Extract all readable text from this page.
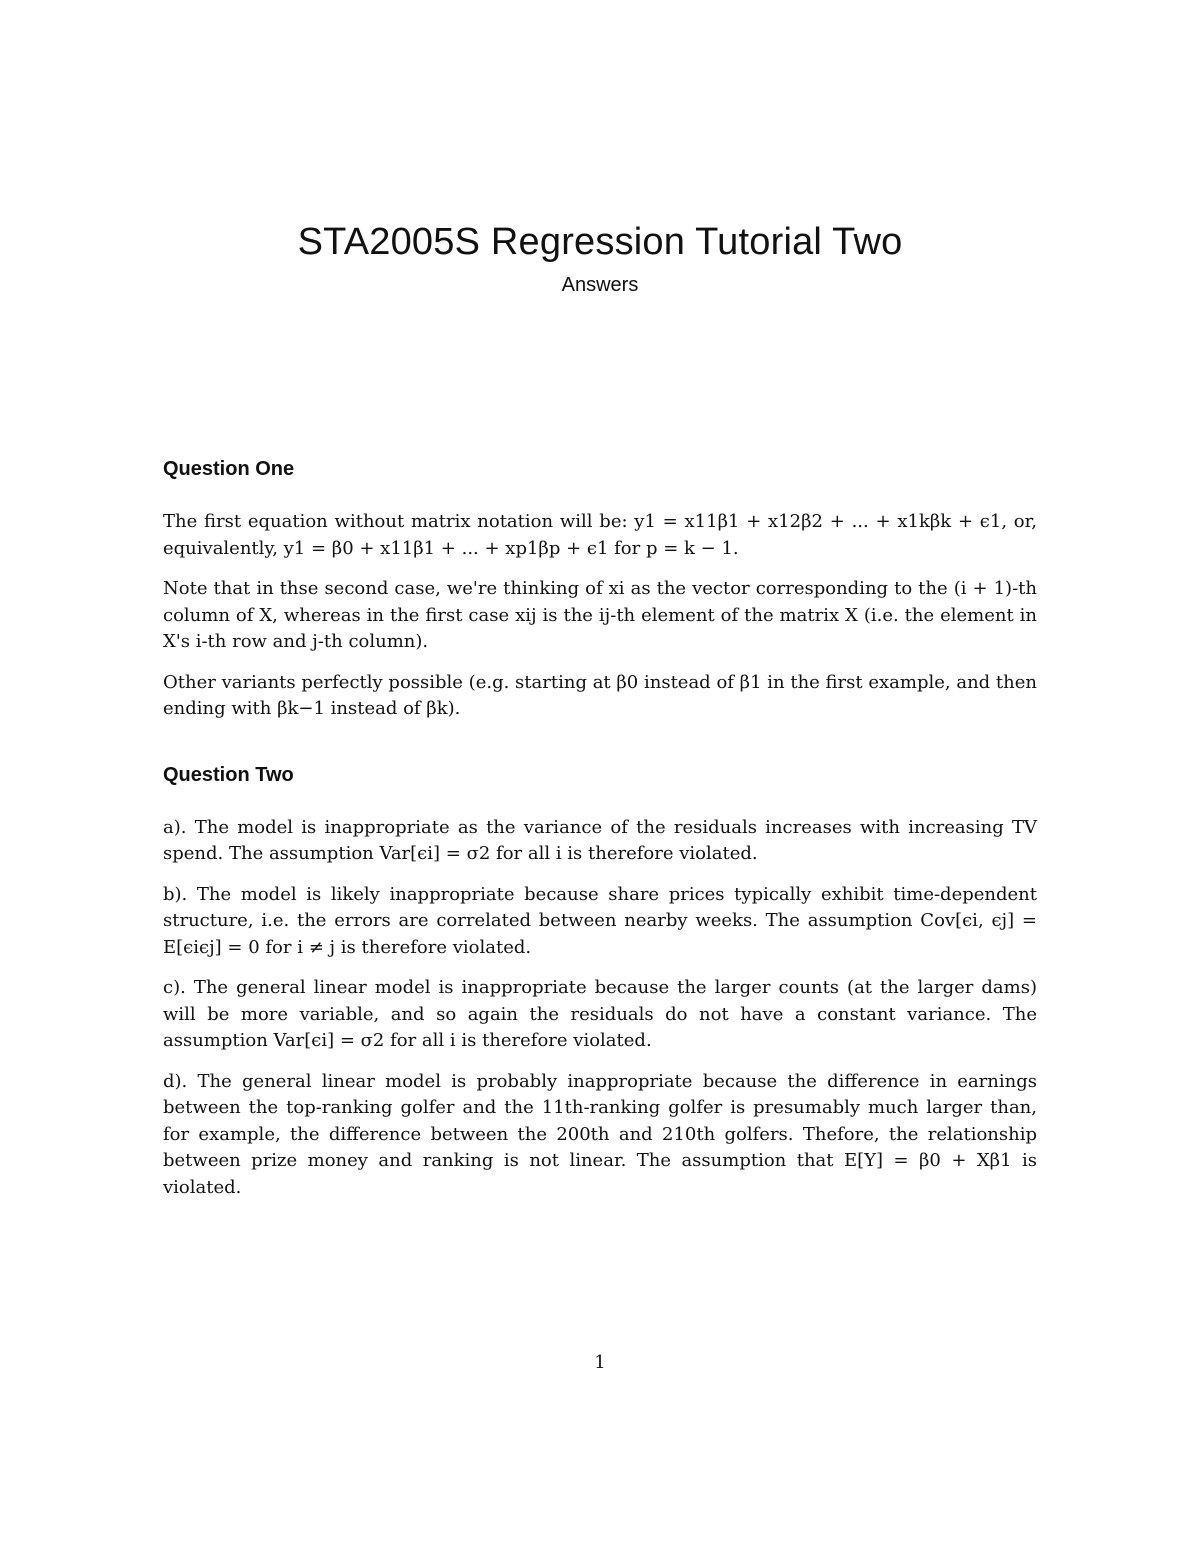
STA2005S Regression Tutorial Two
Answers
Question One

The first equation without matrix notation will be: y1 = x11β1 + x12β2 + ... + x1kβk + ϵ1, or, equivalently, y1 = β0 + x11β1 + ... + xp1βp + ϵ1 for p = k − 1.

Note that in thse second case, we're thinking of xi as the vector corresponding to the (i + 1)-th column of X, whereas in the first case xij is the ij-th element of the matrix X (i.e. the element in X's i-th row and j-th column).

Other variants perfectly possible (e.g. starting at β0 instead of β1 in the first example, and then ending with βk−1 instead of βk).

Question Two

a). The model is inappropriate as the variance of the residuals increases with increasing TV spend. The assumption Var[ϵi] = σ2 for all i is therefore violated.

b). The model is likely inappropriate because share prices typically exhibit time-dependent structure, i.e. the errors are correlated between nearby weeks. The assumption Cov[ϵi, ϵj] = E[ϵiϵj] = 0 for i ≠ j is therefore violated.

c). The general linear model is inappropriate because the larger counts (at the larger dams) will be more variable, and so again the residuals do not have a constant variance. The assumption Var[ϵi] = σ2 for all i is therefore violated.

d). The general linear model is probably inappropriate because the difference in earnings between the top-ranking golfer and the 11th-ranking golfer is presumably much larger than, for example, the difference between the 200th and 210th golfers. Thefore, the relationship between prize money and ranking is not linear. The assumption that E[Y] = β0 + Xβ1 is violated.

1
